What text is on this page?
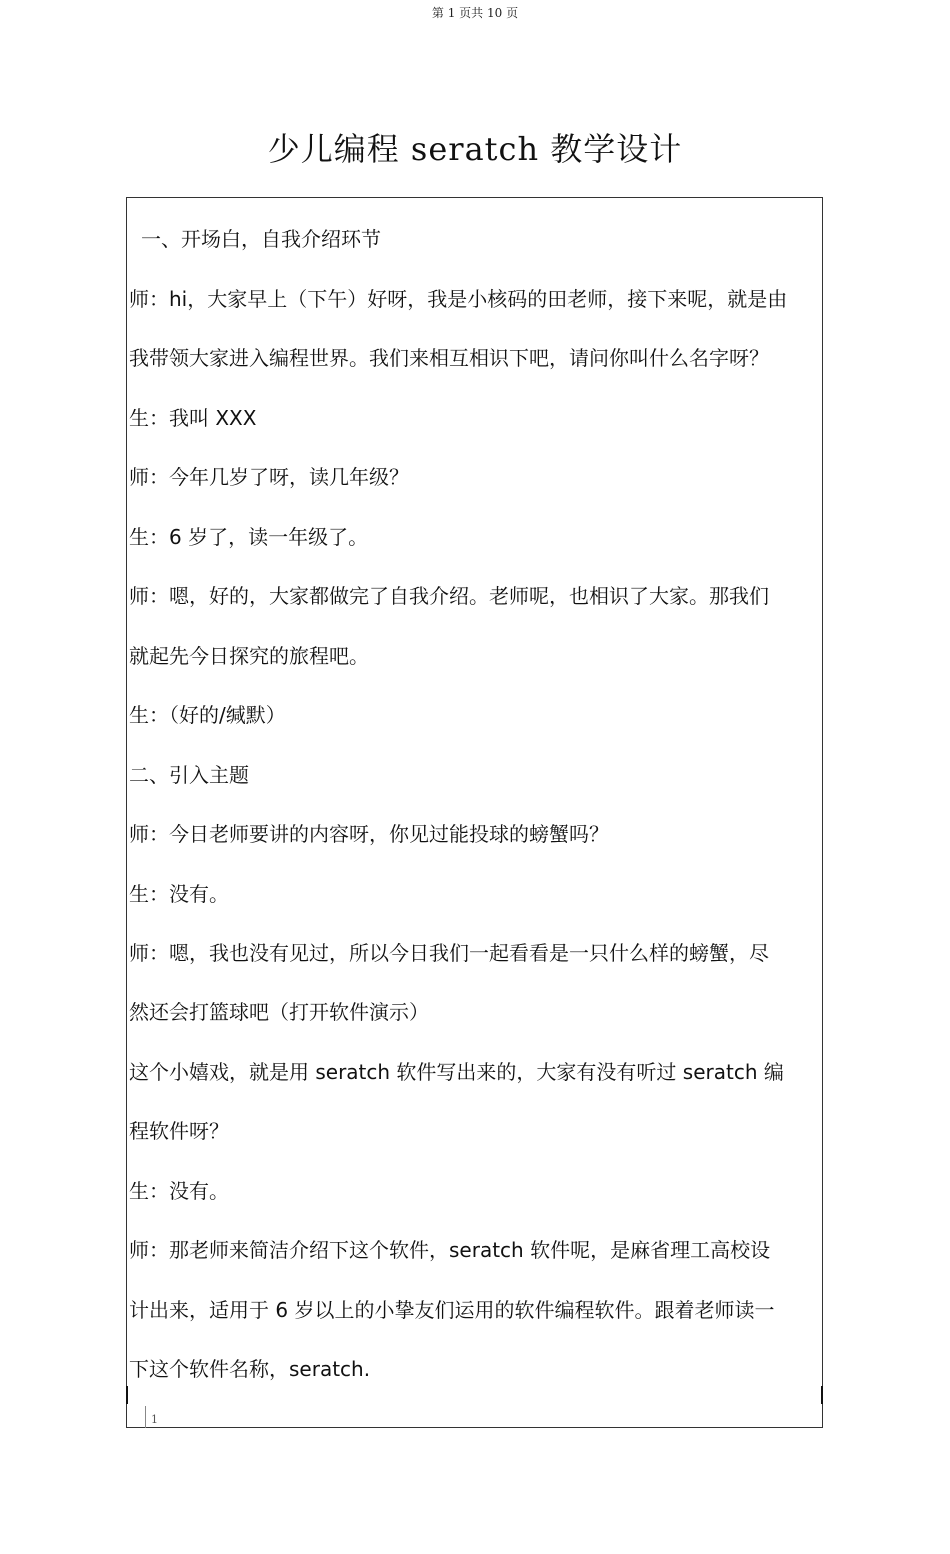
第 1 页共 10 页
少儿编程 seratch 教学设计
一、开场白，自我介绍环节
师：hi，大家早上（下午）好呀，我是小核码的田老师，接下来呢，就是由
我带领大家进入编程世界。我们来相互相识下吧，请问你叫什么名字呀？
生：我叫 XXX
师：今年几岁了呀，读几年级？
生：6 岁了，读一年级了。
师：嗯，好的，大家都做完了自我介绍。老师呢，也相识了大家。那我们
就起先今日探究的旅程吧。
生：（好的/缄默）
二、引入主题
师：今日老师要讲的内容呀，你见过能投球的螃蟹吗？
生：没有。
师：嗯，我也没有见过，所以今日我们一起看看是一只什么样的螃蟹，尽
然还会打篮球吧（打开软件演示）
这个小嬉戏，就是用 seratch 软件写出来的，大家有没有听过 seratch 编
程软件呀？
生：没有。
师：那老师来简洁介绍下这个软件，seratch 软件呢，是麻省理工高校设
计出来，适用于 6 岁以上的小挚友们运用的软件编程软件。跟着老师读一
下这个软件名称，seratch.
1
